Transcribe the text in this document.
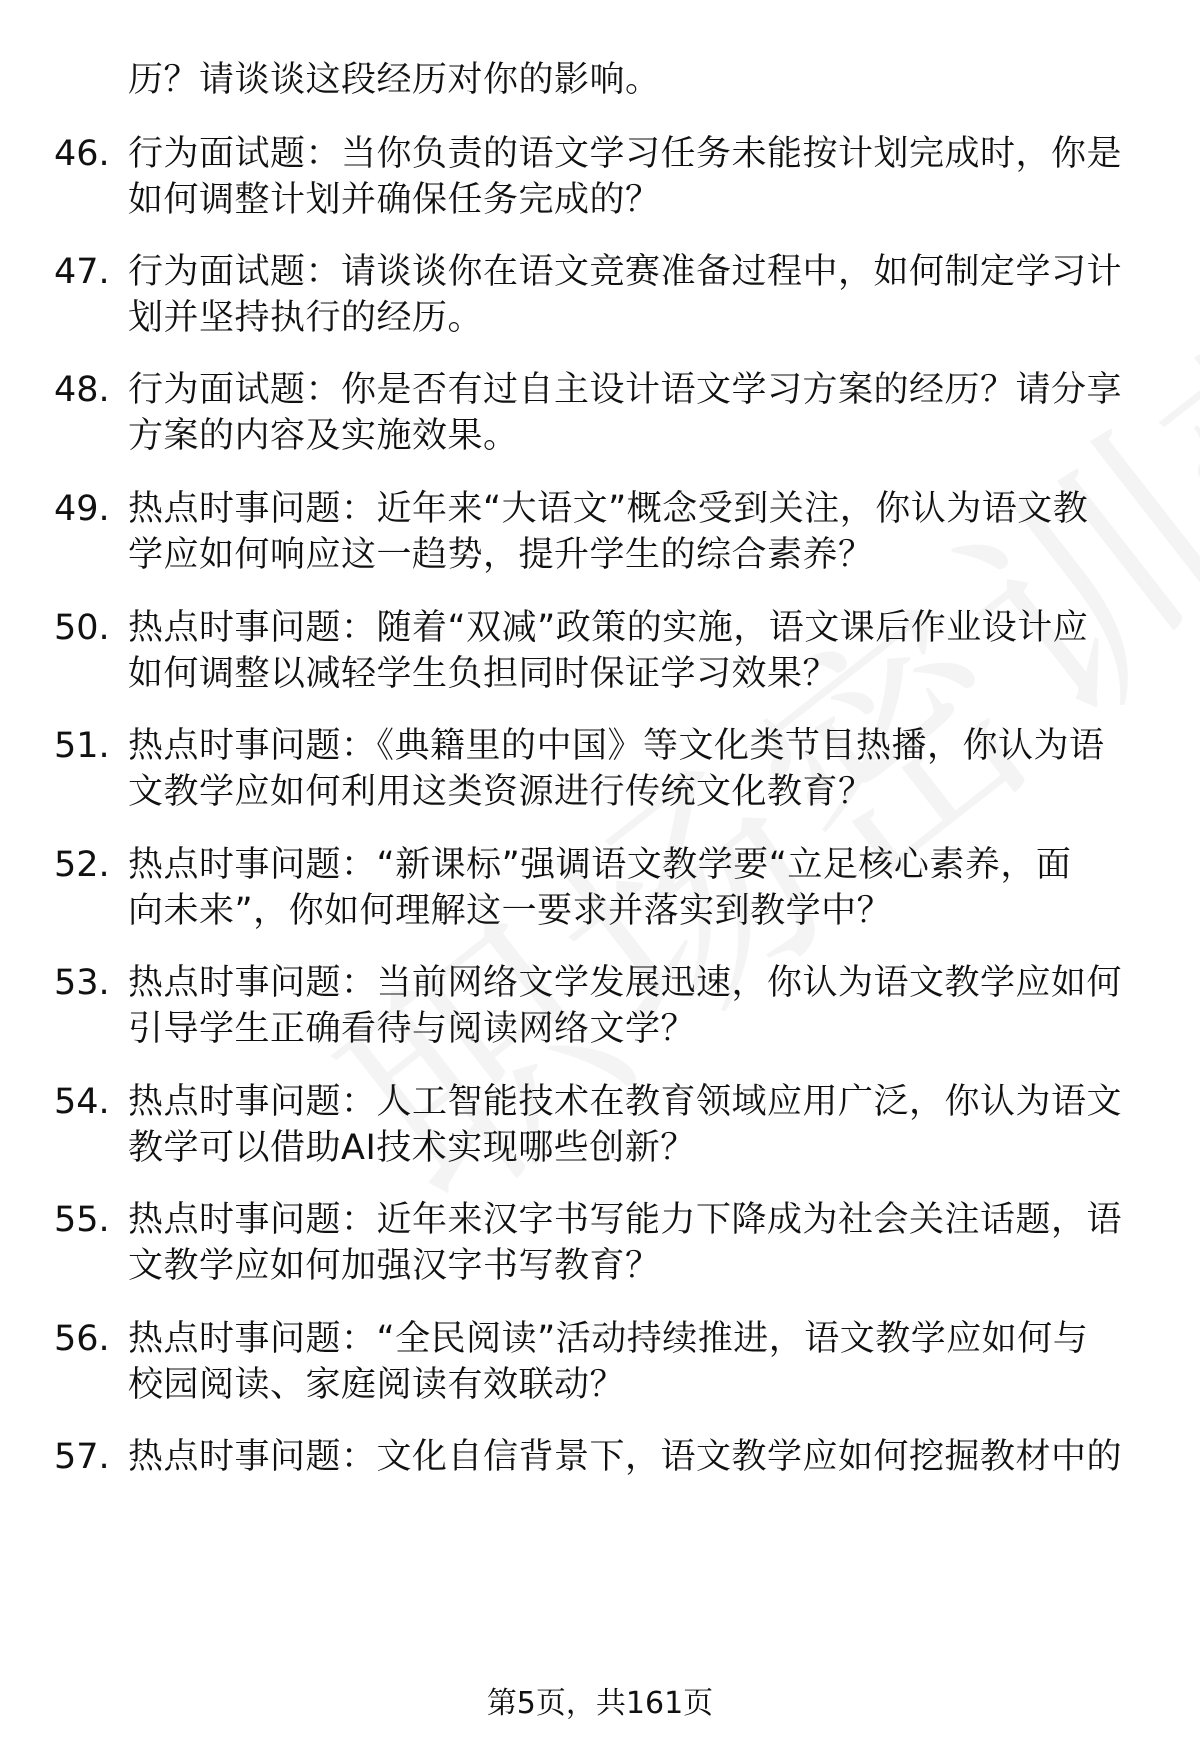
历？请谈谈这段经历对你的影响。
46. 行为面试题：当你负责的语文学习任务未能按计划完成时，你是
如何调整计划并确保任务完成的？
47. 行为面试题：请谈谈你在语文竞赛准备过程中，如何制定学习计
划并坚持执行的经历。
48. 行为面试题：你是否有过自主设计语文学习方案的经历？请分享
方案的内容及实施效果。
49. 热点时事问题：近年来“大语文”概念受到关注，你认为语文教
学应如何响应这一趋势，提升学生的综合素养？
50. 热点时事问题：随着“双减”政策的实施，语文课后作业设计应
如何调整以减轻学生负担同时保证学习效果？
51. 热点时事问题：《典籍里的中国》等文化类节目热播，你认为语
文教学应如何利用这类资源进行传统文化教育？
52. 热点时事问题：“新课标”强调语文教学要“立足核心素养，面
向未来”，你如何理解这一要求并落实到教学中？
53. 热点时事问题：当前网络文学发展迅速，你认为语文教学应如何
引导学生正确看待与阅读网络文学？
54. 热点时事问题：人工智能技术在教育领域应用广泛，你认为语文
教学可以借助AI技术实现哪些创新？
55. 热点时事问题：近年来汉字书写能力下降成为社会关注话题，语
文教学应如何加强汉字书写教育？
56. 热点时事问题：“全民阅读”活动持续推进，语文教学应如何与
校园阅读、家庭阅读有效联动？
57. 热点时事问题：文化自信背景下，语文教学应如何挖掘教材中的
第5页，共161页
